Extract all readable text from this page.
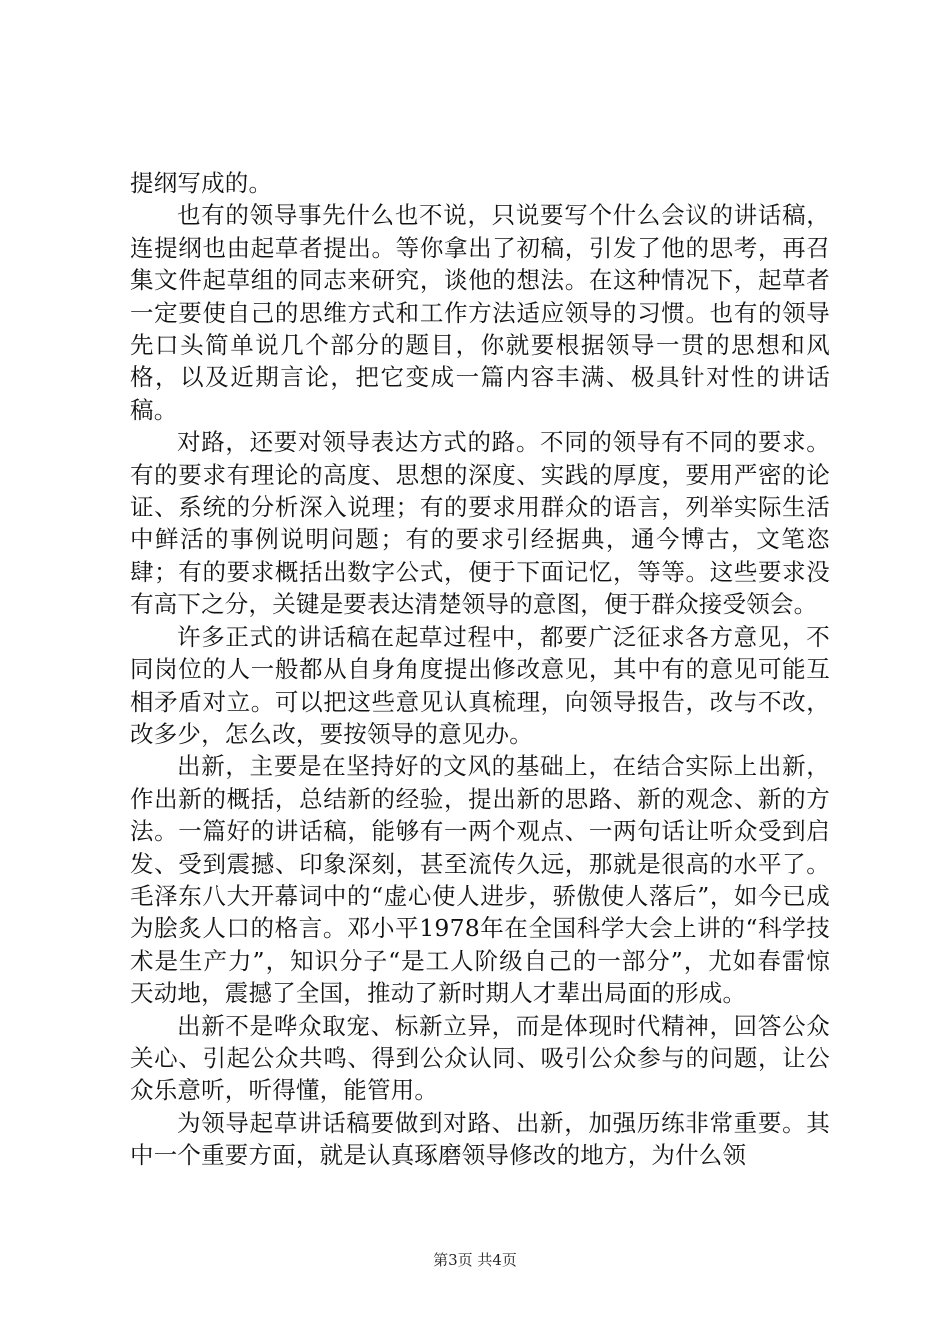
提纲写成的。

也有的领导事先什么也不说，只说要写个什么会议的讲话稿，连提纲也由起草者提出。等你拿出了初稿，引发了他的思考，再召集文件起草组的同志来研究，谈他的想法。在这种情况下，起草者一定要使自己的思维方式和工作方法适应领导的习惯。也有的领导先口头简单说几个部分的题目，你就要根据领导一贯的思想和风格，以及近期言论，把它变成一篇内容丰满、极具针对性的讲话稿。

对路，还要对领导表达方式的路。不同的领导有不同的要求。有的要求有理论的高度、思想的深度、实践的厚度，要用严密的论证、系统的分析深入说理；有的要求用群众的语言，列举实际生活中鲜活的事例说明问题；有的要求引经据典，通今博古，文笔恣肆；有的要求概括出数字公式，便于下面记忆，等等。这些要求没有高下之分，关键是要表达清楚领导的意图，便于群众接受领会。

许多正式的讲话稿在起草过程中，都要广泛征求各方意见，不同岗位的人一般都从自身角度提出修改意见，其中有的意见可能互相矛盾对立。可以把这些意见认真梳理，向领导报告，改与不改，改多少，怎么改，要按领导的意见办。

出新，主要是在坚持好的文风的基础上，在结合实际上出新，作出新的概括，总结新的经验，提出新的思路、新的观念、新的方法。一篇好的讲话稿，能够有一两个观点、一两句话让听众受到启发、受到震撼、印象深刻，甚至流传久远，那就是很高的水平了。毛泽东八大开幕词中的“虚心使人进步，骄傲使人落后”，如今已成为脍炙人口的格言。邓小平1978年在全国科学大会上讲的“科学技术是生产力”，知识分子“是工人阶级自己的一部分”，尤如春雷惊天动地，震撼了全国，推动了新时期人才辈出局面的形成。

出新不是哗众取宠、标新立异，而是体现时代精神，回答公众关心、引起公众共鸣、得到公众认同、吸引公众参与的问题，让公众乐意听，听得懂，能管用。

为领导起草讲话稿要做到对路、出新，加强历练非常重要。其中一个重要方面，就是认真琢磨领导修改的地方，为什么领

第3页 共4页
